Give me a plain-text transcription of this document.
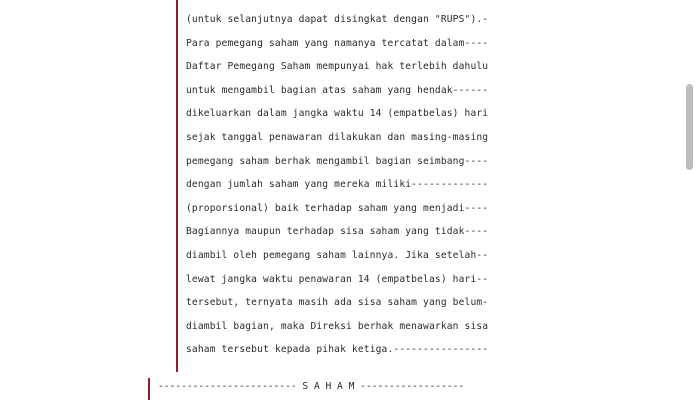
(untuk selanjutnya dapat disingkat dengan "RUPS").-
Para pemegang saham yang namanya tercatat dalam----
Daftar Pemegang Saham mempunyai hak terlebih dahulu
untuk mengambil bagian atas saham yang hendak------
dikeluarkan dalam jangka waktu 14 (empatbelas) hari
sejak tanggal penawaran dilakukan dan masing-masing
pemegang saham berhak mengambil bagian seimbang----
dengan jumlah saham yang mereka miliki-------------
(proporsional) baik terhadap saham yang menjadi----
Bagiannya maupun terhadap sisa saham yang tidak----
diambil oleh pemegang saham lainnya. Jika setelah--
lewat jangka waktu penawaran 14 (empatbelas) hari--
tersebut, ternyata masih ada sisa saham yang belum-
diambil bagian, maka Direksi berhak menawarkan sisa
saham tersebut kepada pihak ketiga.----------------
------------------------ S A H A M ------------------
